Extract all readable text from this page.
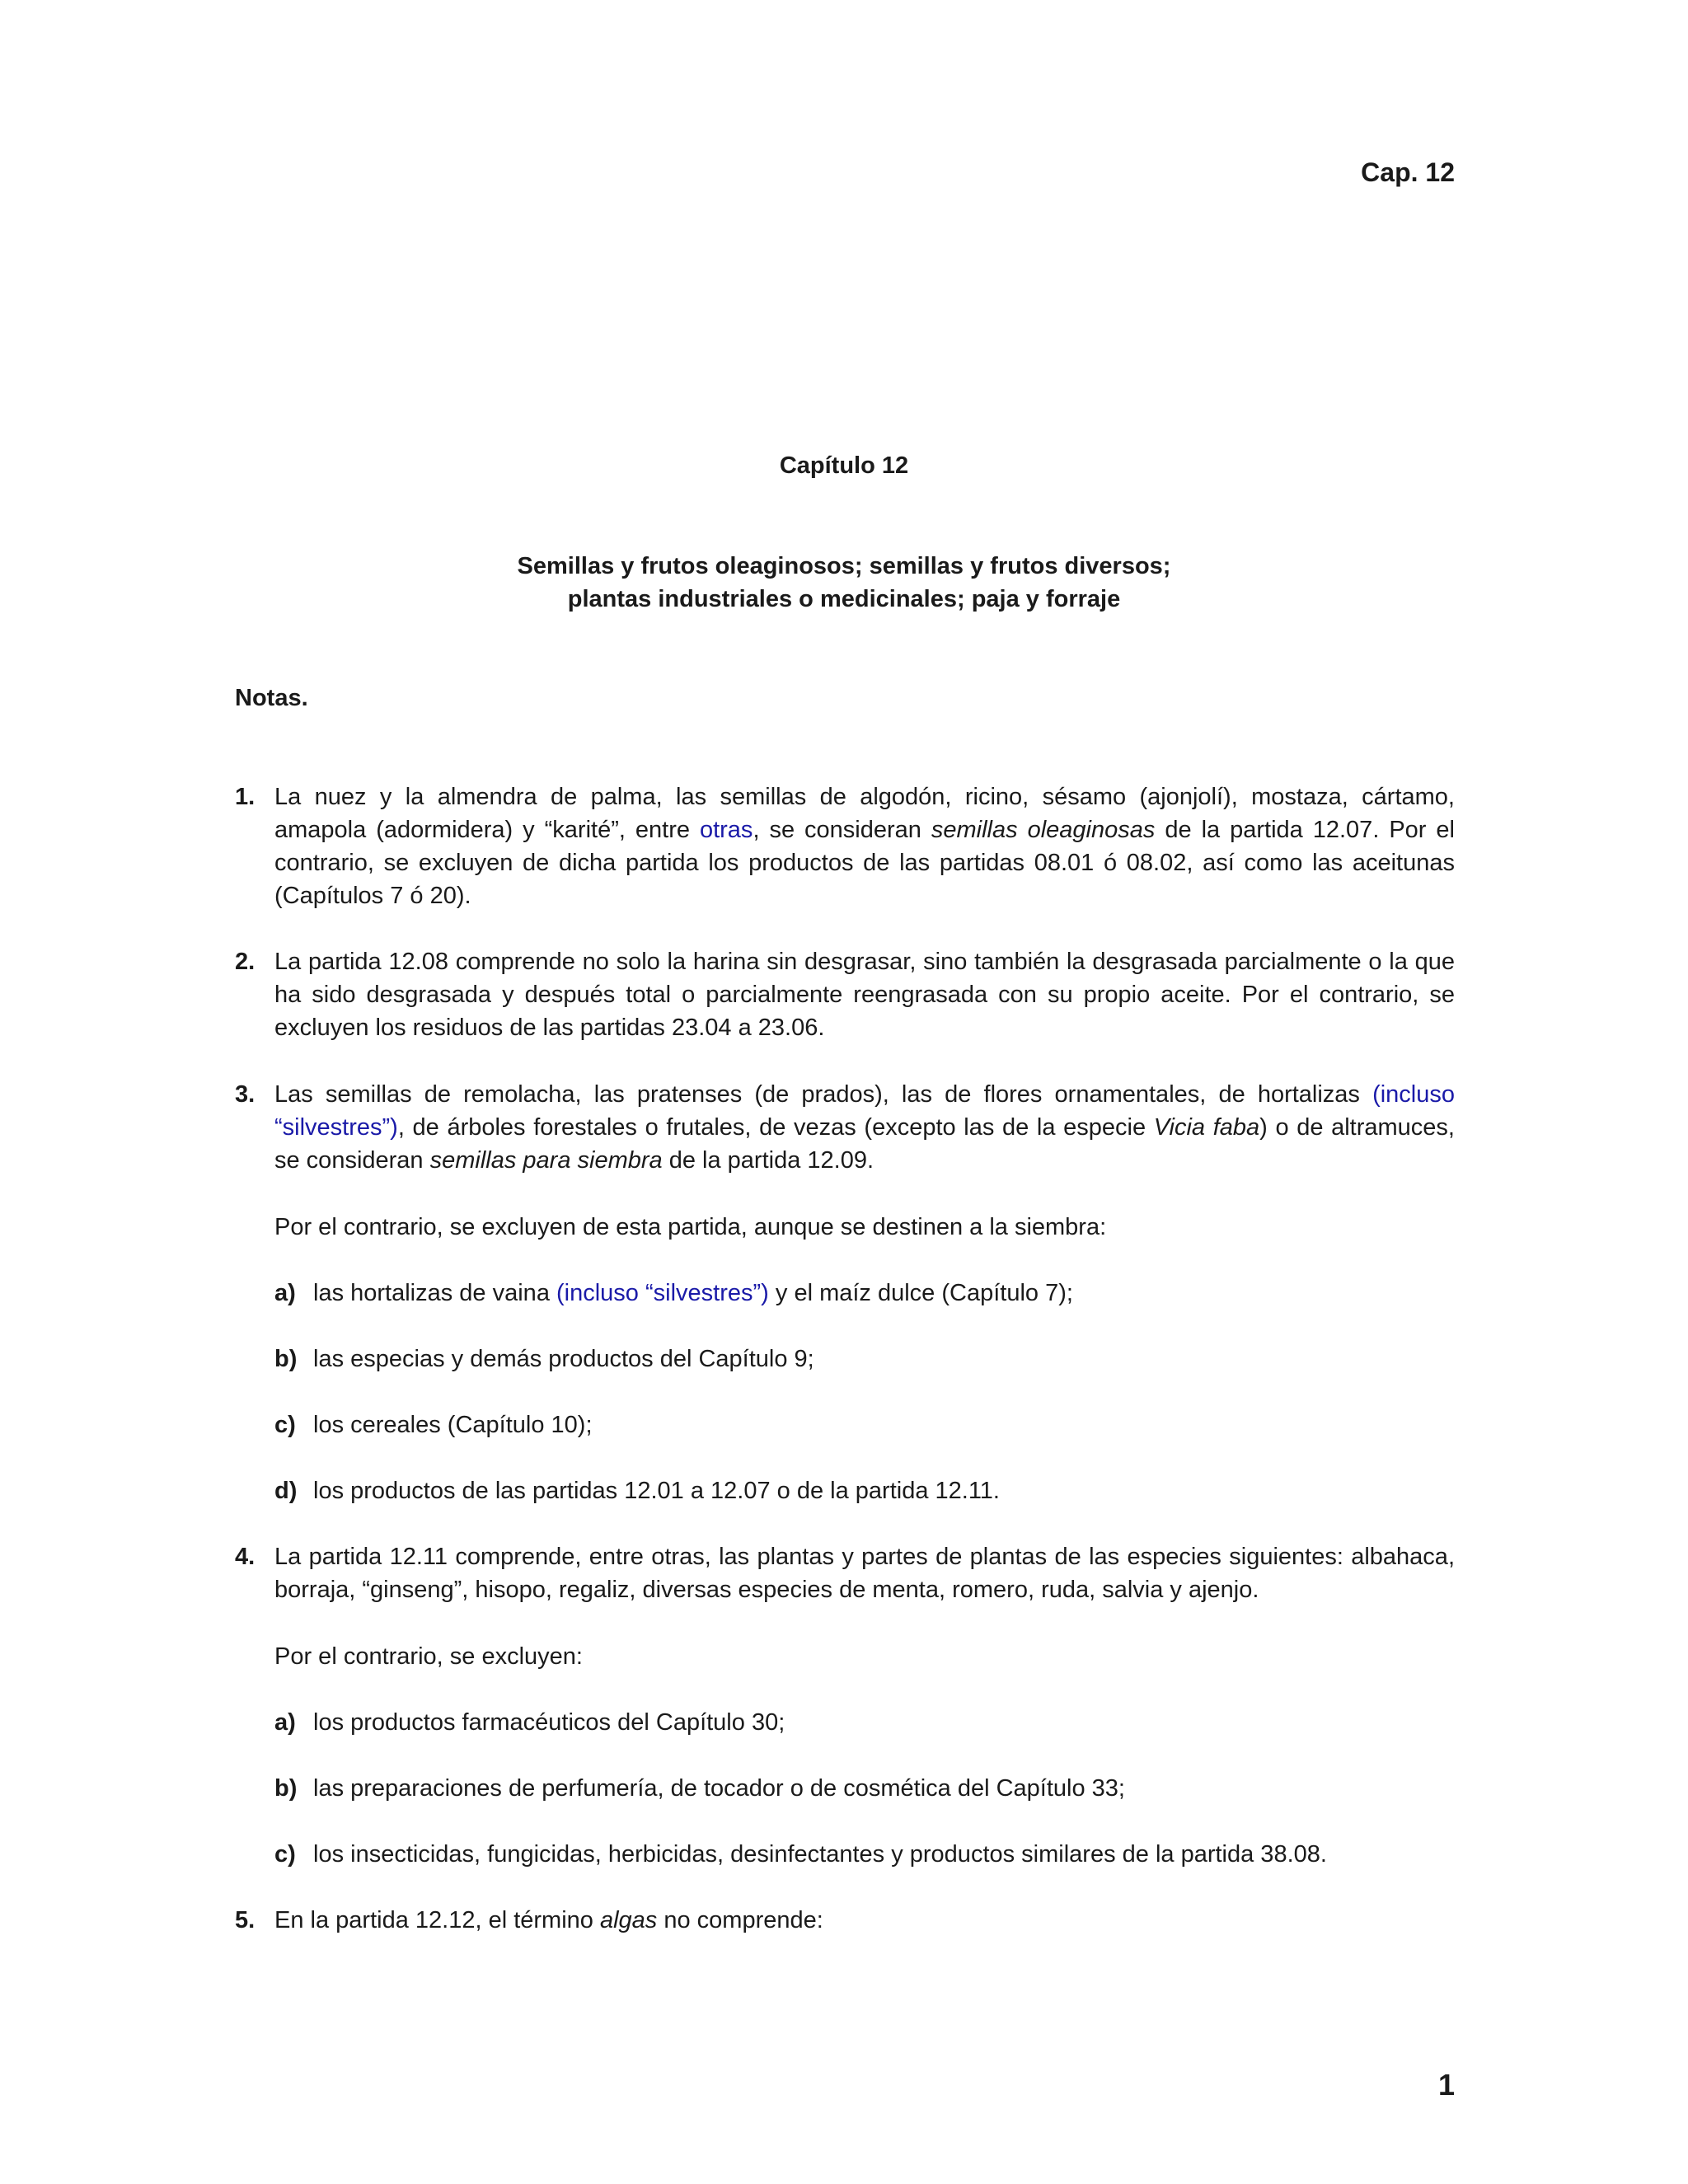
Cap. 12
Capítulo 12
Semillas y frutos oleaginosos; semillas y frutos diversos;
plantas industriales o medicinales; paja y forraje
Notas.
1. La nuez y la almendra de palma, las semillas de algodón, ricino, sésamo (ajonjolí), mostaza, cártamo,
amapola (adormidera) y “karité”, entre otras, se consideran semillas oleaginosas de la partida 12.07. Por el
contrario, se excluyen de dicha partida los productos de las partidas 08.01 ó 08.02, así como las aceitunas
(Capítulos 7 ó 20).
2. La partida 12.08 comprende no solo la harina sin desgrasar, sino también la desgrasada parcialmente o la que
ha sido desgrasada y después total o parcialmente reengrasada con su propio aceite. Por el contrario, se
excluyen los residuos de las partidas 23.04 a 23.06.
3. Las semillas de remolacha, las pratenses (de prados), las de flores ornamentales, de hortalizas (incluso
“silvestres”), de árboles forestales o frutales, de vezas (excepto las de la especie Vicia faba) o de altramuces,
se consideran semillas para siembra de la partida 12.09.
Por el contrario, se excluyen de esta partida, aunque se destinen a la siembra:
a) las hortalizas de vaina (incluso “silvestres”) y el maíz dulce (Capítulo 7);
b) las especias y demás productos del Capítulo 9;
c) los cereales (Capítulo 10);
d) los productos de las partidas 12.01 a 12.07 o de la partida 12.11.
4. La partida 12.11 comprende, entre otras, las plantas y partes de plantas de las especies siguientes: albahaca,
borraja, “ginseng”, hisopo, regaliz, diversas especies de menta, romero, ruda, salvia y ajenjo.
Por el contrario, se excluyen:
a) los productos farmacéuticos del Capítulo 30;
b) las preparaciones de perfumería, de tocador o de cosmética del Capítulo 33;
c) los insecticidas, fungicidas, herbicidas, desinfectantes y productos similares de la partida 38.08.
5. En la partida 12.12, el término algas no comprende:
1
